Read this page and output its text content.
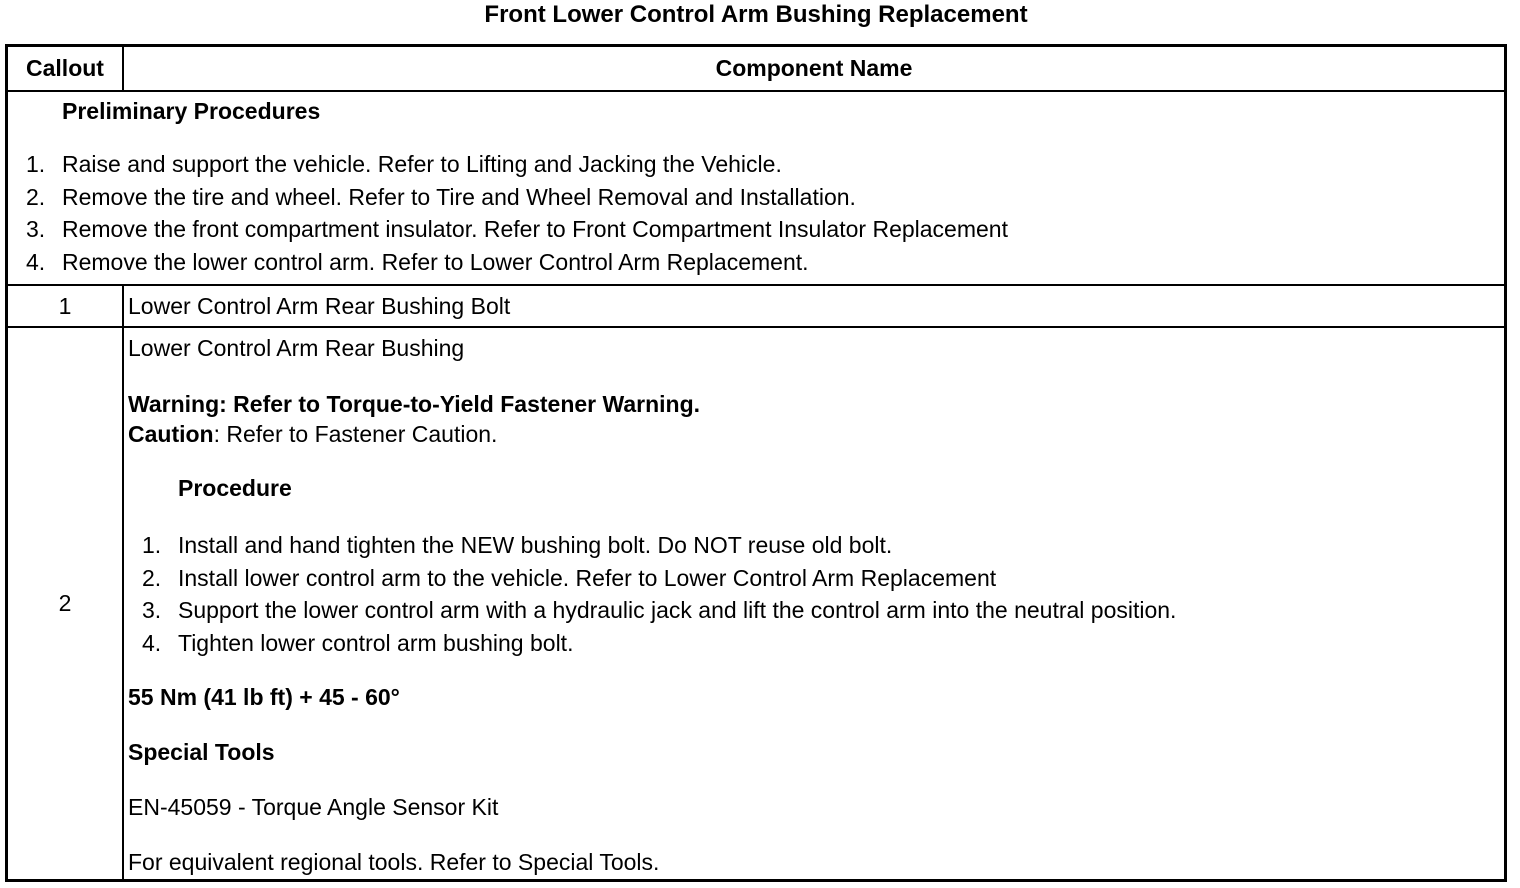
Front Lower Control Arm Bushing Replacement
Callout	Component Name
Preliminary Procedures
1. Raise and support the vehicle. Refer to Lifting and Jacking the Vehicle.
2. Remove the tire and wheel. Refer to Tire and Wheel Removal and Installation.
3. Remove the front compartment insulator. Refer to Front Compartment Insulator Replacement
4. Remove the lower control arm. Refer to Lower Control Arm Replacement.
1	Lower Control Arm Rear Bushing Bolt
2
Lower Control Arm Rear Bushing
Warning: Refer to Torque-to-Yield Fastener Warning.
Caution: Refer to Fastener Caution.
Procedure
1. Install and hand tighten the NEW bushing bolt. Do NOT reuse old bolt.
2. Install lower control arm to the vehicle. Refer to Lower Control Arm Replacement
3. Support the lower control arm with a hydraulic jack and lift the control arm into the neutral position.
4. Tighten lower control arm bushing bolt.
55 Nm (41 lb ft) + 45 - 60°
Special Tools
EN-45059 - Torque Angle Sensor Kit
For equivalent regional tools. Refer to Special Tools.
